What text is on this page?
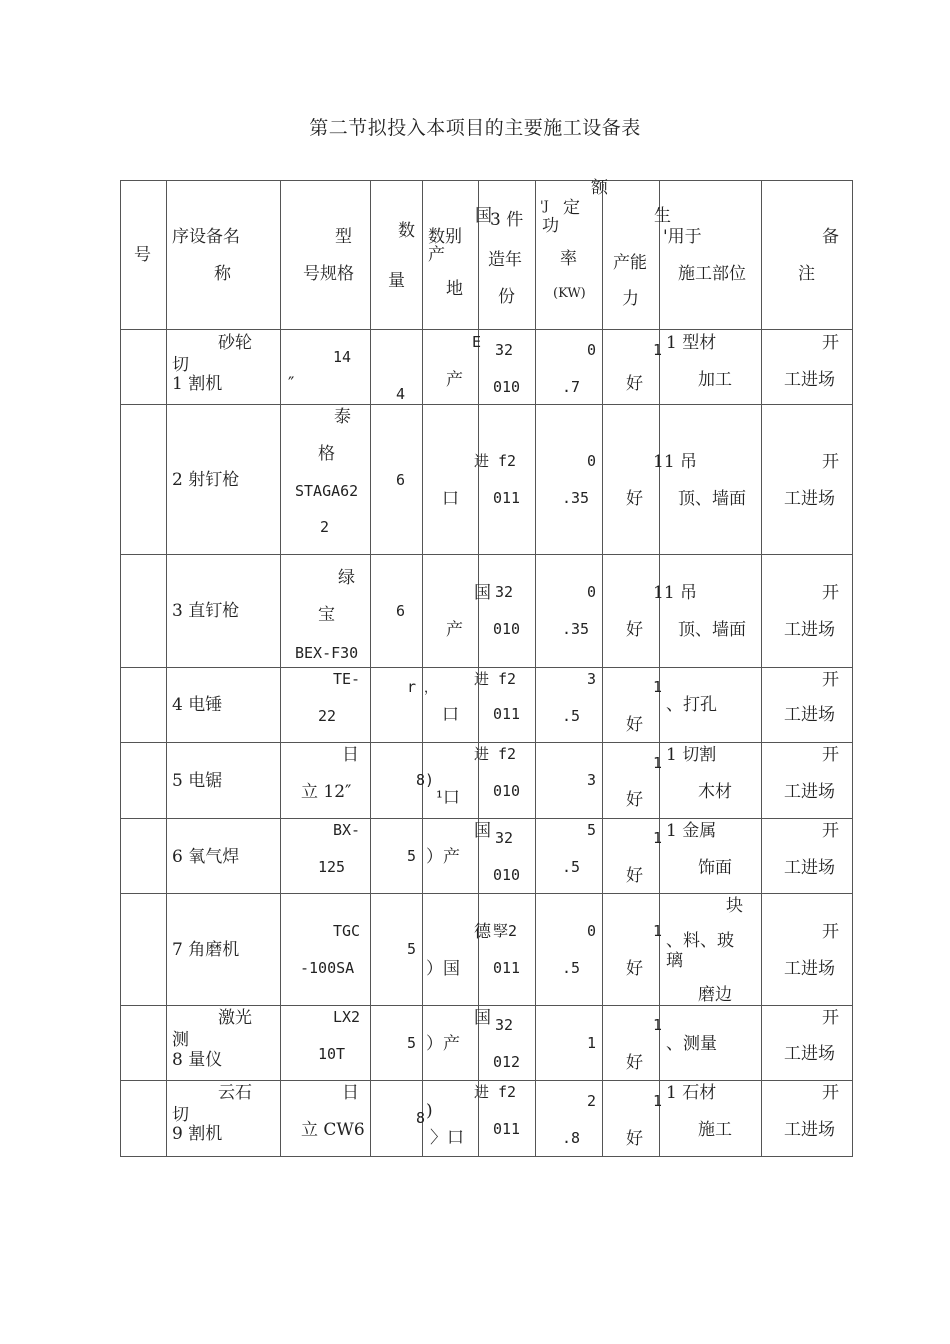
第二节拟投入本项目的主要施工设备表
号
序设备名
称
型
号规格
数
量
数别
产
地
国
3 件
造年
份
额
'J 定
功
率
(KW)
生
产能
力
'用于
施工部位
备
注
砂轮
切
1 割机
14
″	4
E
产
32
010
0
.7
1
好
1 型材
加工
开
工进场
2 射钉枪
泰
格
STAGA62
2
6
口
进 f2
011
0
.35 好
11 吊
顶、墙面
开
工进场
3 直钉枪
绿
宝
BEX-F30
6
国
产
32
010
0
.35 好
11 吊
顶、墙面
开
工进场
4 电锤
TE-
22
r ，
进 f2
口 011
3
.5
1
好
、打孔
开
工进场
5 电锯
日
立 12″
8)
¹口
进 f2
010
3
1
好
1 切割
木材
开
工进场
6 氧气焊
BX-
125
5 ）产
国 32
010
5
.5
1
好
1 金属
饰面
开
工进场
7 角磨机
TGC
-100SA
5
德
）国
孯2
011
0
.5
1
好
块
、料、玻
璃
磨边
开
工进场
激光
测
8 量仪
LX2
10T
5
国
）产
32
012
1
1
好
、测量
开
工进场
云石
切
9 割机
日
立 CW6
8 )
进 f2
〉口 011
2
.8
1
好
1 石材
施工
开
工进场
